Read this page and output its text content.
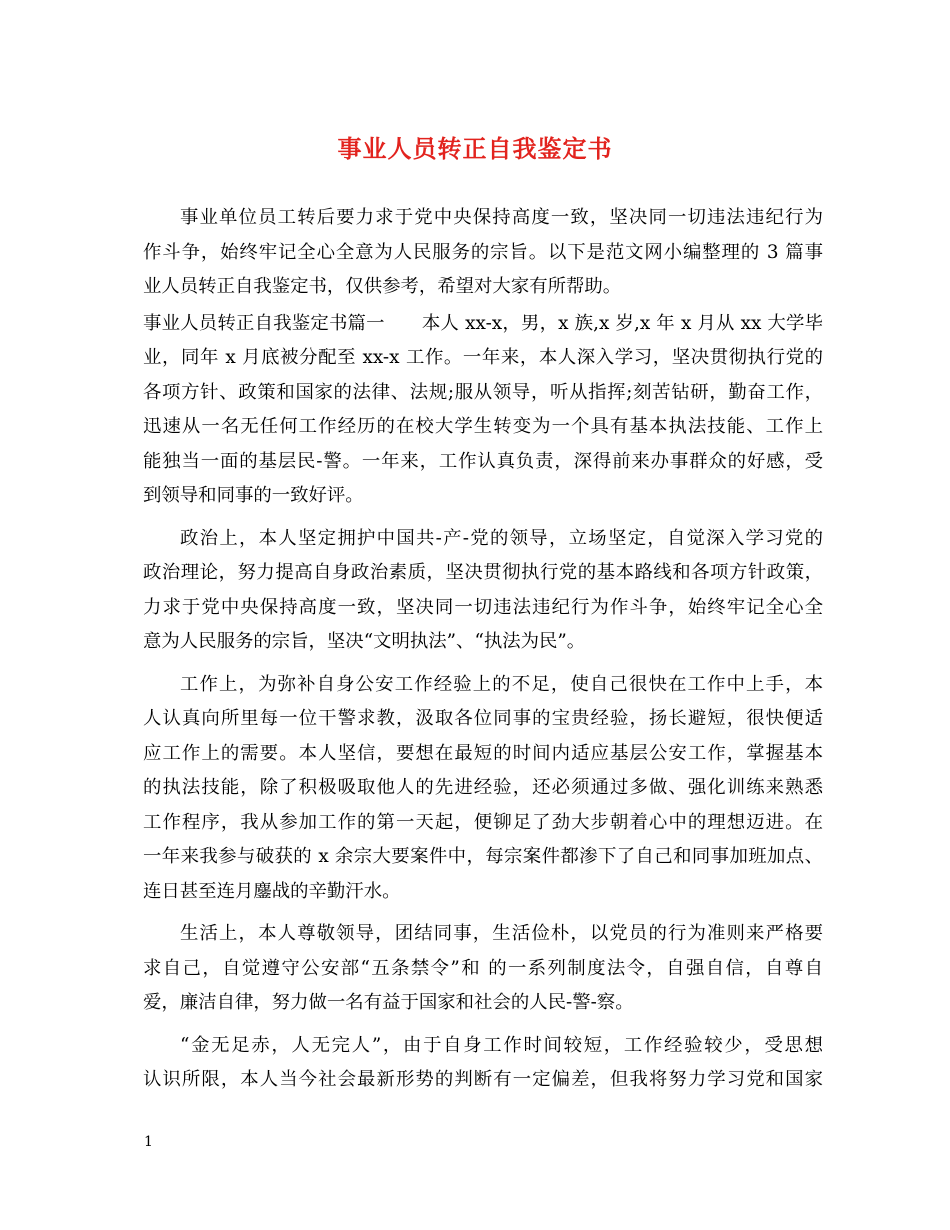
事业人员转正自我鉴定书
事业单位员工转后要力求于党中央保持高度一致，坚决同一切违法违纪行为
作斗争，始终牢记全心全意为人民服务的宗旨。以下是范文网小编整理的 3 篇事
业人员转正自我鉴定书，仅供参考，希望对大家有所帮助。
事业人员转正自我鉴定书篇一　　本人 xx-x，男，x 族,x 岁,x 年 x 月从 xx 大学毕
业，同年 x 月底被分配至 xx-x 工作。一年来，本人深入学习，坚决贯彻执行党的
各项方针、政策和国家的法律、法规;服从领导，听从指挥;刻苦钻研，勤奋工作，
迅速从一名无任何工作经历的在校大学生转变为一个具有基本执法技能、工作上
能独当一面的基层民-警。一年来，工作认真负责，深得前来办事群众的好感，受
到领导和同事的一致好评。
政治上，本人坚定拥护中国共-产-党的领导，立场坚定，自觉深入学习党的
政治理论，努力提高自身政治素质，坚决贯彻执行党的基本路线和各项方针政策，
力求于党中央保持高度一致，坚决同一切违法违纪行为作斗争，始终牢记全心全
意为人民服务的宗旨，坚决“文明执法”、“执法为民”。
工作上，为弥补自身公安工作经验上的不足，使自己很快在工作中上手，本
人认真向所里每一位干警求教，汲取各位同事的宝贵经验，扬长避短，很快便适
应工作上的需要。本人坚信，要想在最短的时间内适应基层公安工作，掌握基本
的执法技能，除了积极吸取他人的先进经验，还必须通过多做、强化训练来熟悉
工作程序，我从参加工作的第一天起，便铆足了劲大步朝着心中的理想迈进。在
一年来我参与破获的 x 余宗大要案件中，每宗案件都渗下了自己和同事加班加点、
连日甚至连月鏖战的辛勤汗水。
生活上，本人尊敬领导，团结同事，生活俭朴，以党员的行为准则来严格要
求自己，自觉遵守公安部“五条禁令”和 的一系列制度法令，自强自信，自尊自
爱，廉洁自律，努力做一名有益于国家和社会的人民-警-察。
“金无足赤，人无完人”，由于自身工作时间较短，工作经验较少，受思想
认识所限，本人当今社会最新形势的判断有一定偏差，但我将努力学习党和国家
1
